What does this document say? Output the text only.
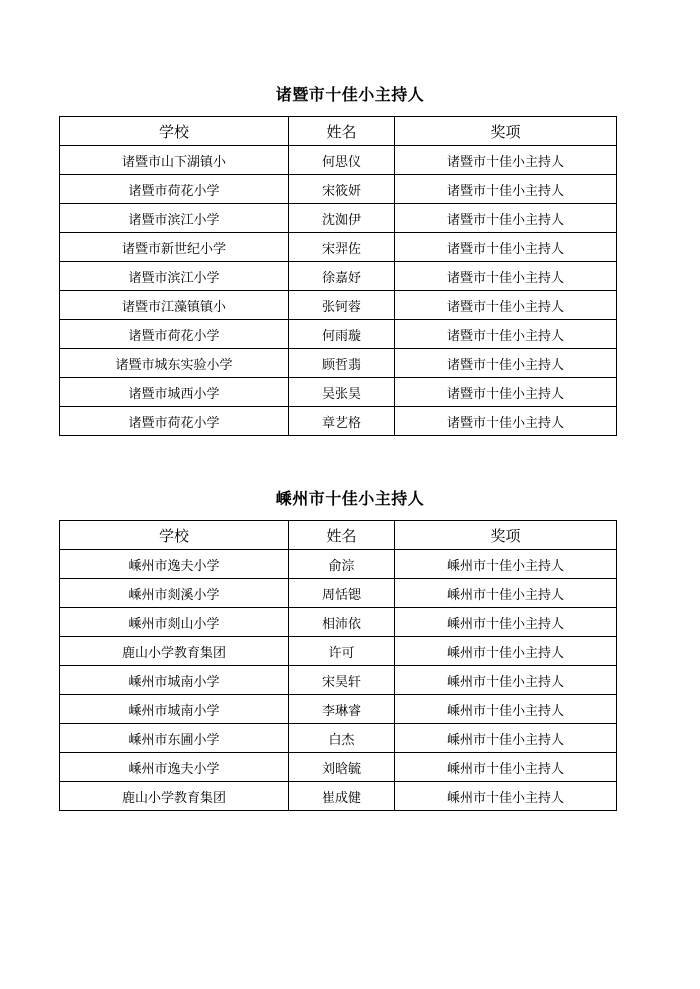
诸暨市十佳小主持人
学校	姓名	奖项
诸暨市山下湖镇小	何思仪	诸暨市十佳小主持人
诸暨市荷花小学	宋筱妍	诸暨市十佳小主持人
诸暨市滨江小学	沈洳伊	诸暨市十佳小主持人
诸暨市新世纪小学	宋羿佐	诸暨市十佳小主持人
诸暨市滨江小学	徐嘉妤	诸暨市十佳小主持人
诸暨市江藻镇镇小	张钶蓉	诸暨市十佳小主持人
诸暨市荷花小学	何雨璇	诸暨市十佳小主持人
诸暨市城东实验小学	顾哲翡	诸暨市十佳小主持人
诸暨市城西小学	吴张昊	诸暨市十佳小主持人
诸暨市荷花小学	章艺格	诸暨市十佳小主持人
嵊州市十佳小主持人
学校	姓名	奖项
嵊州市逸夫小学	俞淙	嵊州市十佳小主持人
嵊州市剡溪小学	周恬锶	嵊州市十佳小主持人
嵊州市剡山小学	相沛依	嵊州市十佳小主持人
鹿山小学教育集团	许可	嵊州市十佳小主持人
嵊州市城南小学	宋昊轩	嵊州市十佳小主持人
嵊州市城南小学	李琳睿	嵊州市十佳小主持人
嵊州市东圃小学	白杰	嵊州市十佳小主持人
嵊州市逸夫小学	刘晗毓	嵊州市十佳小主持人
鹿山小学教育集团	崔成健	嵊州市十佳小主持人
